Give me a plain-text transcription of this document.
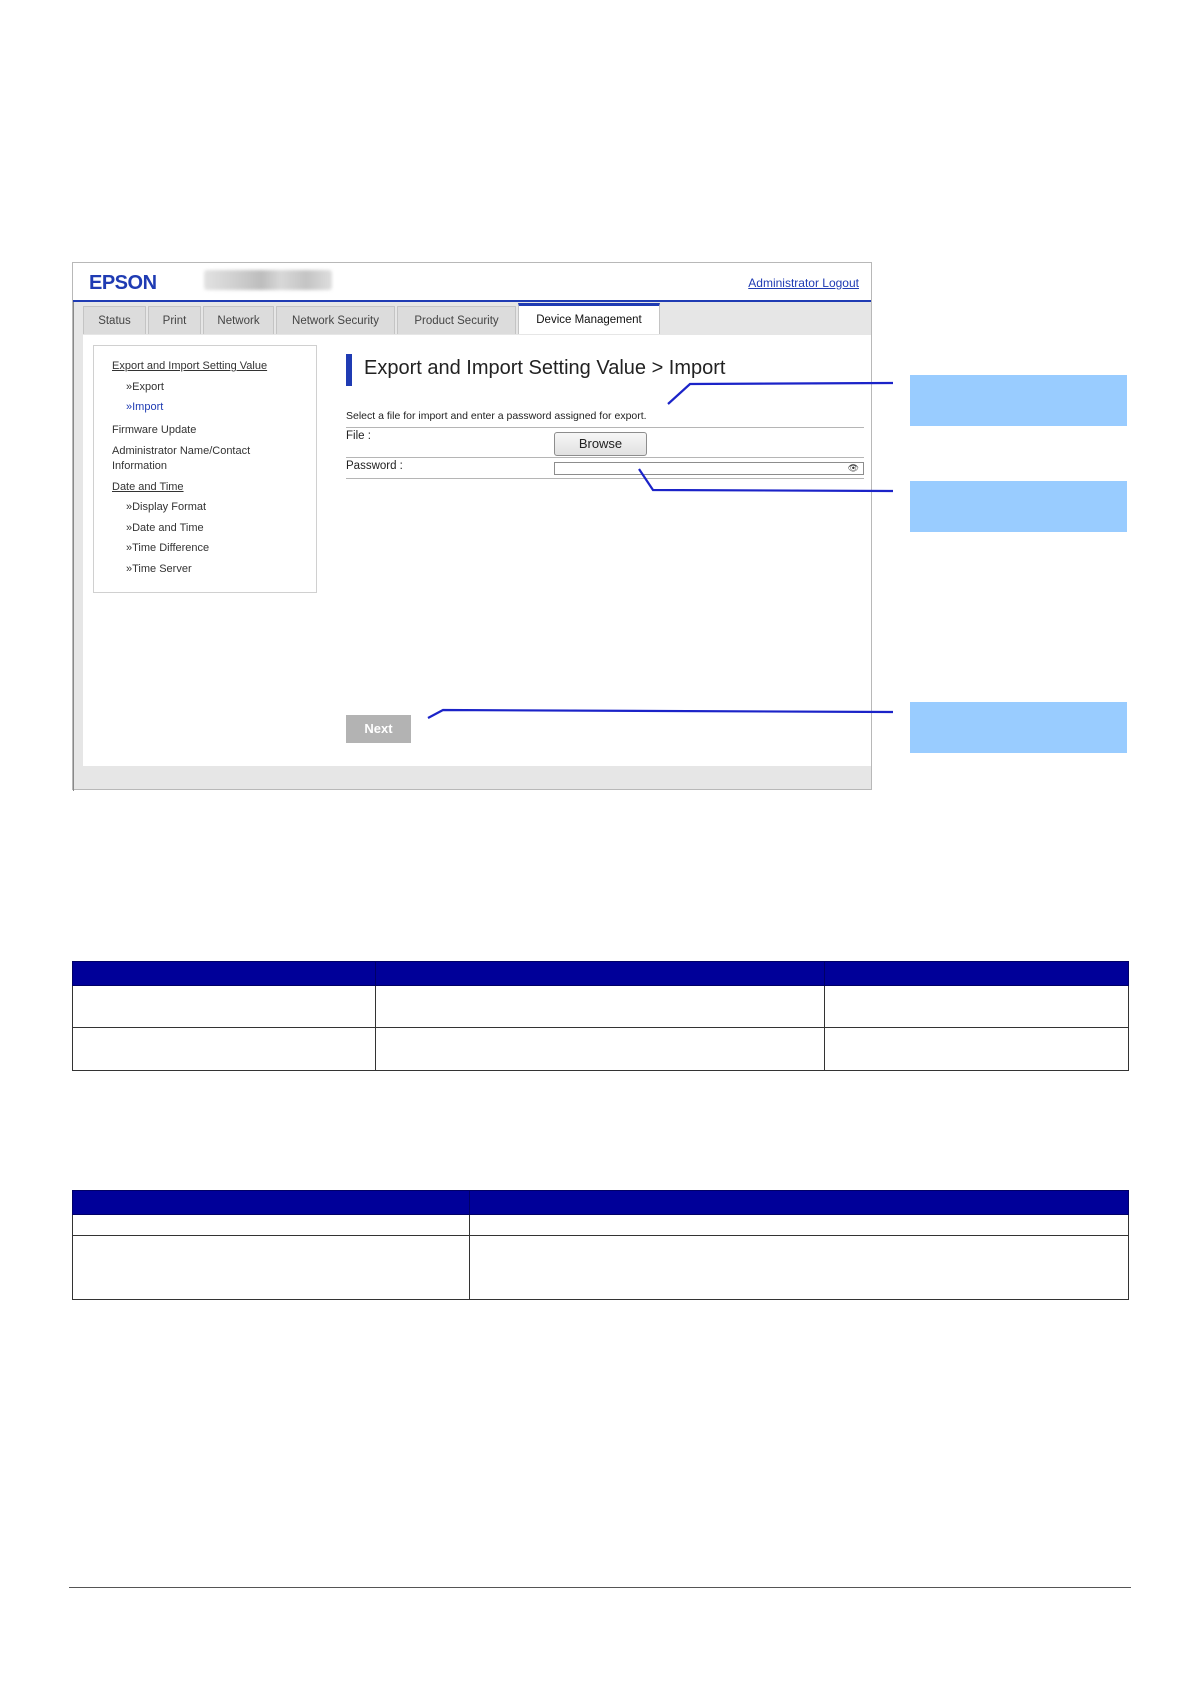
EPSON	Administrator Logout
Status	Print	Network	Network Security	Product Security	Device Management
Export and Import Setting Value
»Export
»Import
Firmware Update
Administrator Name/Contact
Information
Date and Time
»Display Format
»Date and Time
»Time Difference
»Time Server
Export and Import Setting Value > Import
Select a file for import and enter a password assigned for export.
File :	Browse
Password :	👁
Next
